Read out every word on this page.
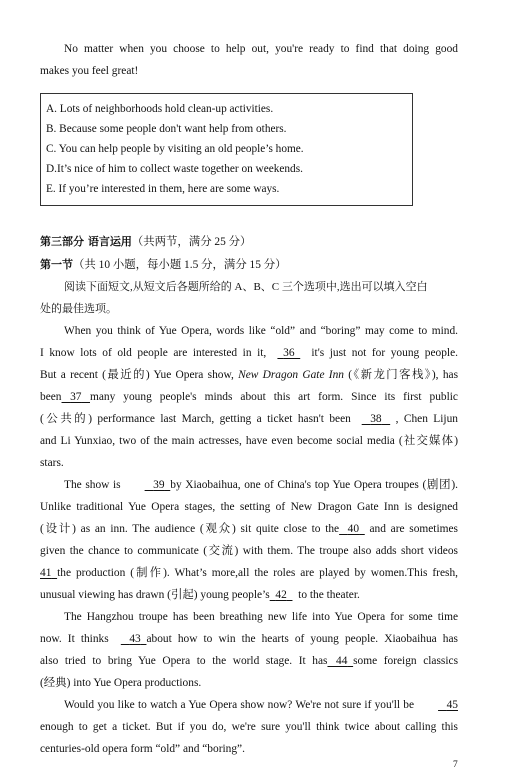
No matter when you choose to help out, you're ready to find that doing good
makes you feel great!
A. Lots of neighborhoods hold clean-up activities.
B. Because some people don't want help from others.
C. You can help people by visiting an old people’s home.
D.It’s nice of him to collect waste together on weekends.
E. If you’re interested in them, here are some ways.
第三部分 语言运用（共两节，满分 25 分）
第一节（共 10 小题，每小题 1.5 分，满分 15 分）
阅读下面短文,从短文后各题所给的 A、B、C 三个选项中,选出可以填入空白
处的最佳选项。
When you think of Yue Opera, words like “old” and “boring” may come to mind.
I know lots of old people are interested in it, 36 it's just not for young people.
But a recent (最近的) Yue Opera show, New Dragon Gate Inn (《新龙门客栈》), has
been 37 many young people's minds about this art form. Since its first public
(公共的) performance last March, getting a ticket hasn't been 38 , Chen Lijun
and Li Yunxiao, two of the main actresses, have even become social media (社交媒体)
stars.
The show is	39 by Xiaobaihua, one of China's top Yue Opera troupes (剧团).
Unlike traditional Yue Opera stages, the setting of New Dragon Gate Inn is designed
(设计) as an inn. The audience (观众) sit quite close to the 40 and are sometimes
given the chance to communicate (交流) with them. The troupe also adds short videos
41 the production (制作). What’s more,all the roles are played by women.This fresh,
unusual viewing has drawn (引起) young people’s 42 to the theater.
The Hangzhou troupe has been breathing new life into Yue Opera for some time
now. It thinks 43 about how to win the hearts of young people. Xiaobaihua has
also tried to bring Yue Opera to the world stage. It has 44 some foreign classics
(经典) into Yue Opera productions.
Would you like to watch a Yue Opera show now? We're not sure if you'll be	45
enough to get a ticket. But if you do, we're sure you'll think twice about calling this
centuries-old opera form “old” and “boring”.
7
